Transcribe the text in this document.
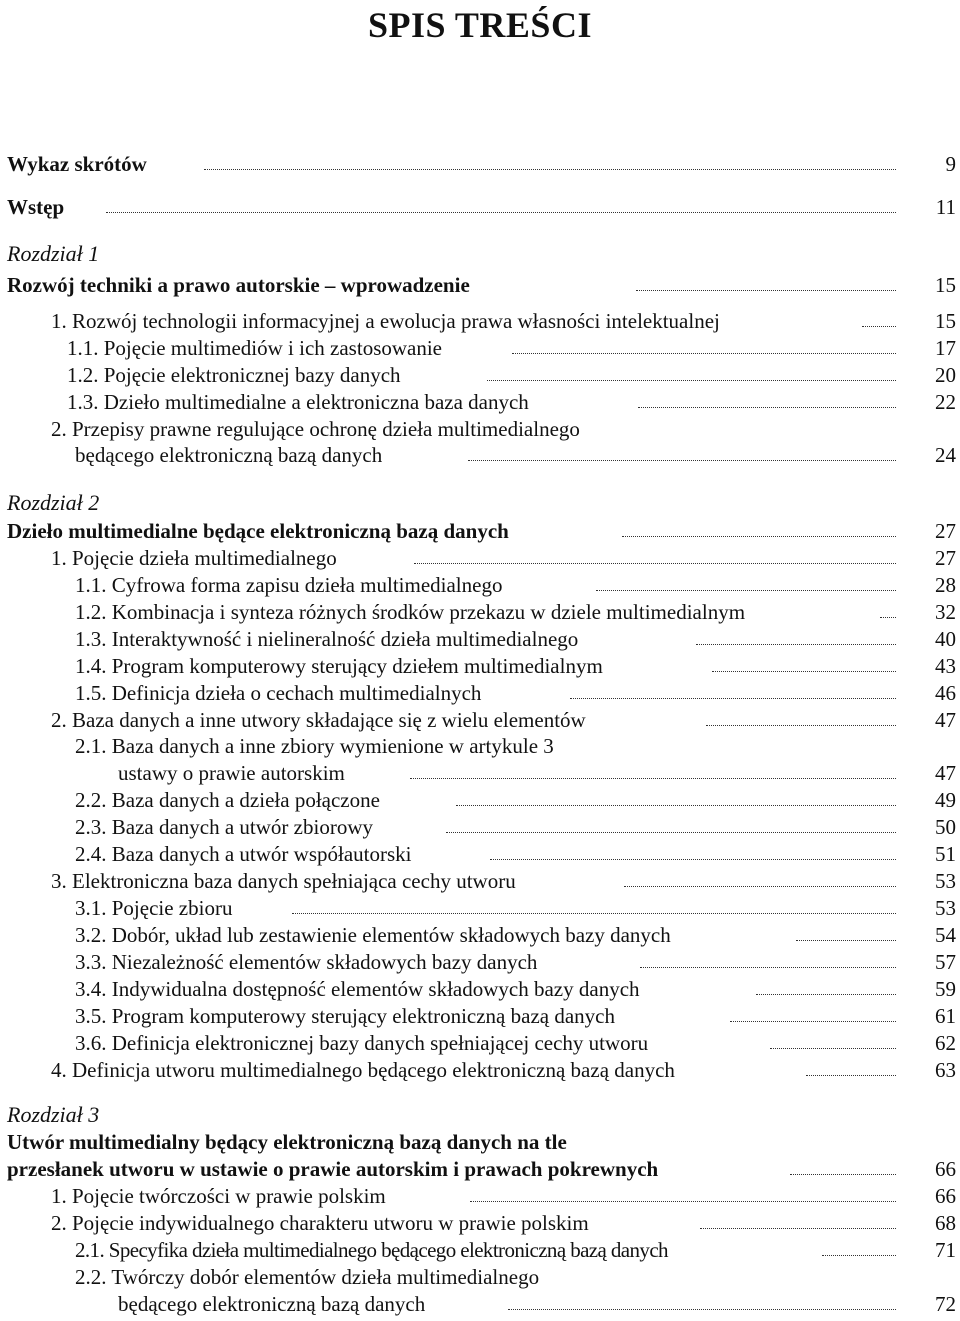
SPIS TREŚCI
Wykaz skrótów	9
Wstęp	11
Rozdział 1
Rozwój techniki a prawo autorskie – wprowadzenie	15
1. Rozwój technologii informacyjnej a ewolucja prawa własności intelektualnej	15
1.1. Pojęcie multimediów i ich zastosowanie	17
1.2. Pojęcie elektronicznej bazy danych	20
1.3. Dzieło multimedialne a elektroniczna baza danych	22
2. Przepisy prawne regulujące ochronę dzieła multimedialnego
będącego elektroniczną bazą danych	24
Rozdział 2
Dzieło multimedialne będące elektroniczną bazą danych	27
1. Pojęcie dzieła multimedialnego	27
1.1. Cyfrowa forma zapisu dzieła multimedialnego	28
1.2. Kombinacja i synteza różnych środków przekazu w dziele multimedialnym	32
1.3. Interaktywność i nielineralność dzieła multimedialnego	40
1.4. Program komputerowy sterujący dziełem multimedialnym	43
1.5. Definicja dzieła o cechach multimedialnych	46
2. Baza danych a inne utwory składające się z wielu elementów	47
2.1. Baza danych a inne zbiory wymienione w artykule 3
ustawy o prawie autorskim	47
2.2. Baza danych a dzieła połączone	49
2.3. Baza danych a utwór zbiorowy	50
2.4. Baza danych a utwór współautorski	51
3. Elektroniczna baza danych spełniająca cechy utworu	53
3.1. Pojęcie zbioru	53
3.2. Dobór, układ lub zestawienie elementów składowych bazy danych	54
3.3. Niezależność elementów składowych bazy danych	57
3.4. Indywidualna dostępność elementów składowych bazy danych	59
3.5. Program komputerowy sterujący elektroniczną bazą danych	61
3.6. Definicja elektronicznej bazy danych spełniającej cechy utworu	62
4. Definicja utworu multimedialnego będącego elektroniczną bazą danych	63
Rozdział 3
Utwór multimedialny będący elektroniczną bazą danych na tle
przesłanek utworu w ustawie o prawie autorskim i prawach pokrewnych	66
1. Pojęcie twórczości w prawie polskim	66
2. Pojęcie indywidualnego charakteru utworu w prawie polskim	68
2.1. Specyfika dzieła multimedialnego będącego elektroniczną bazą danych	71
2.2. Twórczy dobór elementów dzieła multimedialnego
będącego elektroniczną bazą danych	72
